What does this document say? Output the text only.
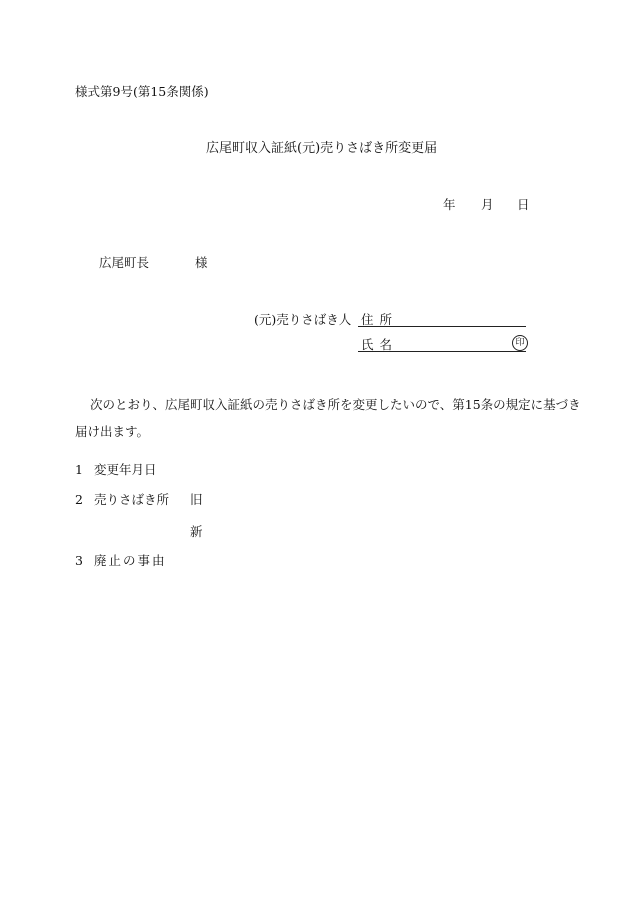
様式第9号(第15条関係)
広尾町収入証紙(元)売りさばき所変更届
年 月 日
広尾町長	様
(元)売りさばき人 住 所
氏 名	印
次のとおり、広尾町収入証紙の売りさばき所を変更したいので、第15条の規定に基づき
届け出ます。
1 変更年月日
2 売りさばき所 旧
新
3 廃止の事由
